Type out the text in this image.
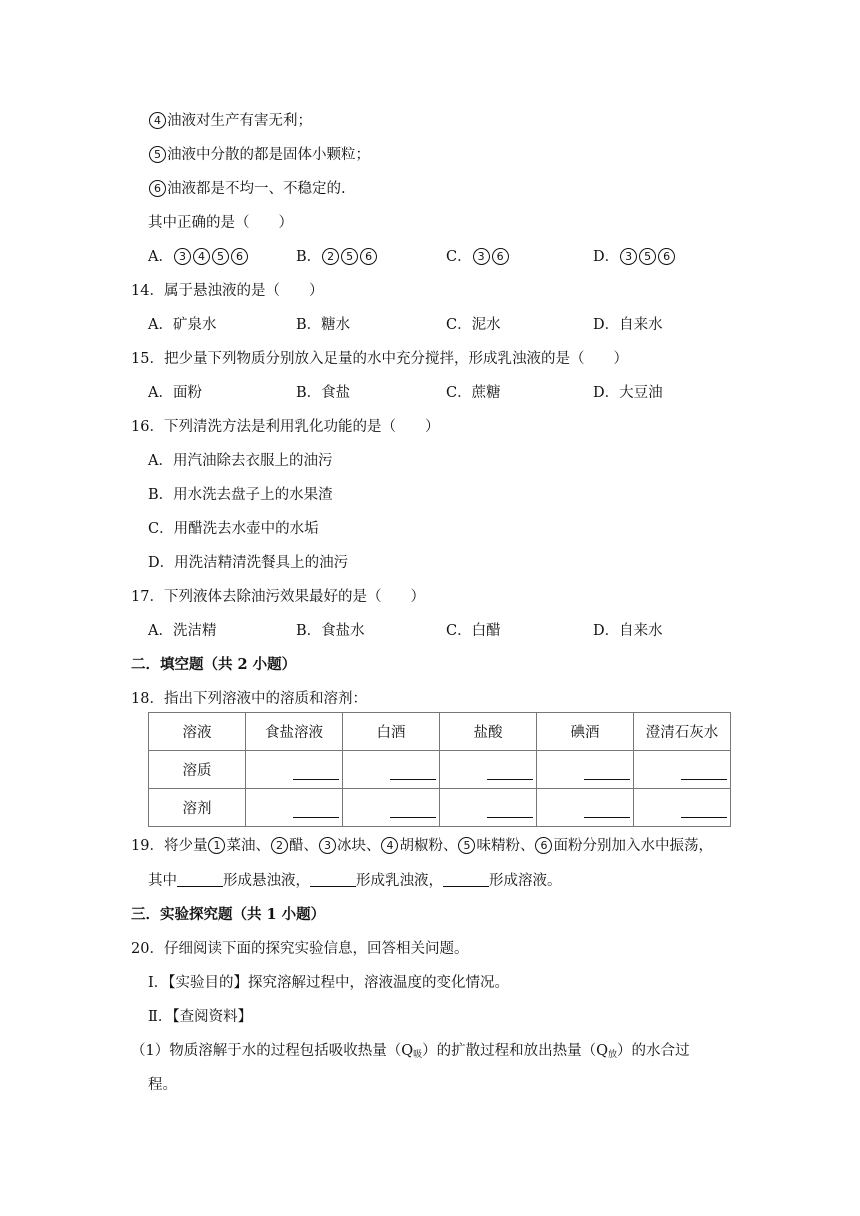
4 油液对生产有害无利；
5 油液中分散的都是固体小颗粒；
6 油液都是不均一、不稳定的.
其中正确的是（　　）
A． 3 4 5 6	B． 2 5 6	C． 3 6	D． 3 5 6
14．属于悬浊液的是（　　）
A．矿泉水	B．糖水	C．泥水	D．自来水
15．把少量下列物质分别放入足量的水中充分搅拌，形成乳浊液的是（　　）
A．面粉	B．食盐	C．蔗糖	D．大豆油
16．下列清洗方法是利用乳化功能的是（　　）
A．用汽油除去衣服上的油污
B．用水洗去盘子上的水果渣
C．用醋洗去水壶中的水垢
D．用洗洁精清洗餐具上的油污
17．下列液体去除油污效果最好的是（　　）
A．洗洁精	B．食盐水	C．白醋	D．自来水
二．填空题（共 2 小题）
18．指出下列溶液中的溶质和溶剂：
溶液	食盐溶液	白酒	盐酸	碘酒	澄清石灰水
溶质					
溶剂					
19．将少量 1 菜油、 2 醋、 3 冰块、 4 胡椒粉、 5 味精粉、 6 面粉分别加入水中振荡，
其中	形成悬浊液，	形成乳浊液，	形成溶液。
三．实验探究题（共 1 小题）
20．仔细阅读下面的探究实验信息，回答相关问题。
Ⅰ．【实验目的】探究溶解过程中，溶液温度的变化情况。
Ⅱ．【查阅资料】
（1）物质溶解于水的过程包括吸收热量$(Q_吸)$的扩散过程和放出热量$(Q_放)$的水合过
程。
